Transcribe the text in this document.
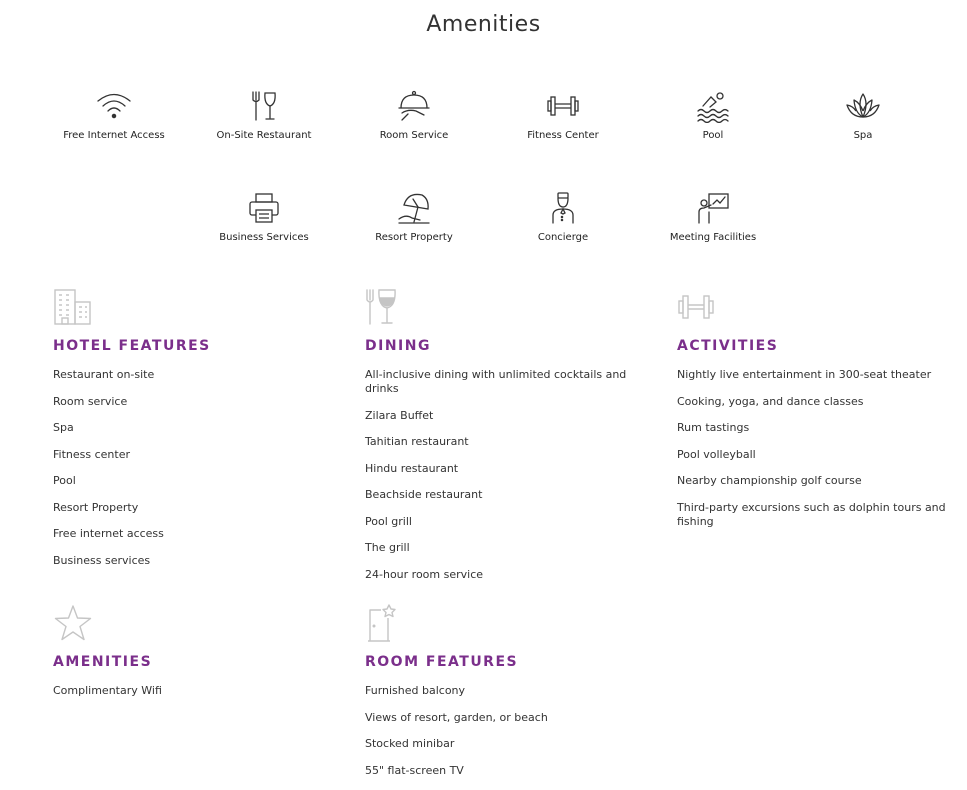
Amenities
Free Internet Access	On-Site Restaurant	Room Service	Fitness Center	Pool	Spa
Business Services	Resort Property	Concierge	Meeting Facilities
HOTEL FEATURES
Restaurant on-site
Room service
Spa
Fitness center
Pool
Resort Property
Free internet access
Business services
DINING
All-inclusive dining with unlimited cocktails and drinks
Zilara Buffet
Tahitian restaurant
Hindu restaurant
Beachside restaurant
Pool grill
The grill
24-hour room service
ACTIVITIES
Nightly live entertainment in 300-seat theater
Cooking, yoga, and dance classes
Rum tastings
Pool volleyball
Nearby championship golf course
Third-party excursions such as dolphin tours and fishing
AMENITIES
Complimentary Wifi
ROOM FEATURES
Furnished balcony
Views of resort, garden, or beach
Stocked minibar
55" flat-screen TV
